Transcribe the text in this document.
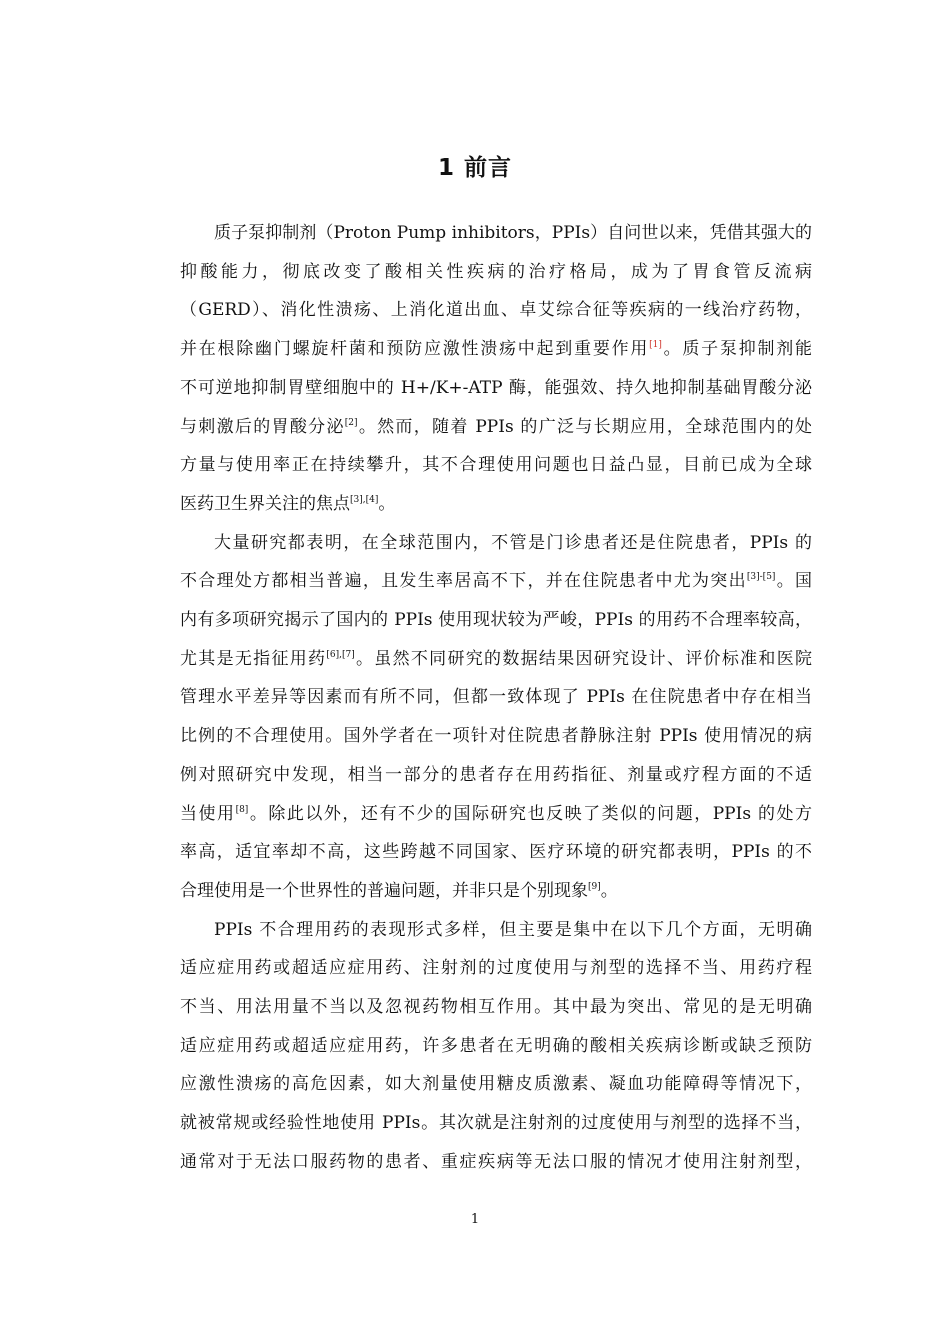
1 前言

质子泵抑制剂（Proton Pump inhibitors，PPIs）自问世以来，凭借其强大的
抑酸能力，彻底改变了酸相关性疾病的治疗格局，成为了胃食管反流病
（GERD）、消化性溃疡、上消化道出血、卓艾综合征等疾病的一线治疗药物，
并在根除幽门螺旋杆菌和预防应激性溃疡中起到重要作用[1]。质子泵抑制剂能
不可逆地抑制胃壁细胞中的 H+/K+-ATP 酶，能强效、持久地抑制基础胃酸分泌
与刺激后的胃酸分泌[2]。然而，随着 PPIs 的广泛与长期应用，全球范围内的处
方量与使用率正在持续攀升，其不合理使用问题也日益凸显，目前已成为全球
医药卫生界关注的焦点[3],[4]。

大量研究都表明，在全球范围内，不管是门诊患者还是住院患者，PPIs 的
不合理处方都相当普遍，且发生率居高不下，并在住院患者中尤为突出[3]-[5]。国
内有多项研究揭示了国内的 PPIs 使用现状较为严峻，PPIs 的用药不合理率较高，
尤其是无指征用药[6],[7]。虽然不同研究的数据结果因研究设计、评价标准和医院
管理水平差异等因素而有所不同，但都一致体现了 PPIs 在住院患者中存在相当
比例的不合理使用。国外学者在一项针对住院患者静脉注射 PPIs 使用情况的病
例对照研究中发现，相当一部分的患者存在用药指征、剂量或疗程方面的不适
当使用[8]。除此以外，还有不少的国际研究也反映了类似的问题，PPIs 的处方
率高，适宜率却不高，这些跨越不同国家、医疗环境的研究都表明，PPIs 的不
合理使用是一个世界性的普遍问题，并非只是个别现象[9]。

PPIs 不合理用药的表现形式多样，但主要是集中在以下几个方面，无明确
适应症用药或超适应症用药、注射剂的过度使用与剂型的选择不当、用药疗程
不当、用法用量不当以及忽视药物相互作用。其中最为突出、常见的是无明确
适应症用药或超适应症用药，许多患者在无明确的酸相关疾病诊断或缺乏预防
应激性溃疡的高危因素，如大剂量使用糖皮质激素、凝血功能障碍等情况下，
就被常规或经验性地使用 PPIs。其次就是注射剂的过度使用与剂型的选择不当，
通常对于无法口服药物的患者、重症疾病等无法口服的情况才使用注射剂型，

1
